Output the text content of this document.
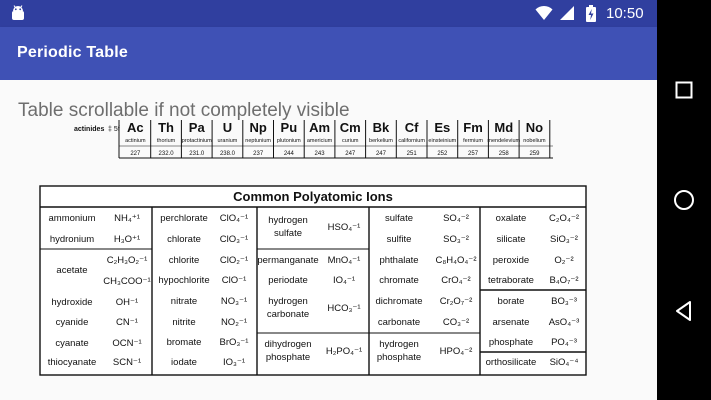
10:50
Periodic Table
actinides ‡ 5f Ac
actinium
227
Th
thorium
232.0
Pa
protactinium
231.0
U
uranium
238.0
Np
neptunium
237
Pu
plutonium
244
Am
americium
243
Cm
curium
247
Bk
berkelium
247
Cf
californium
251
Es
einsteinium
252
Fm
fermium
257
Md
mendelevium
258
No
nobelium
259
Common Polyatomic Ions
ammonium NH₄⁺¹
hydronium H₃O⁺¹
acetate
C₂H₃O₂⁻¹
CH₃COO⁻¹
hydroxide OH⁻¹
cyanide	CN⁻¹
cyanate OCN⁻¹
thiocyanate SCN⁻¹
perchlorate ClO₄⁻¹
chlorate ClO₃⁻¹
chlorite ClO₂⁻¹
hypochlorite ClO⁻¹
nitrate NO₃⁻¹
nitrite	NO₂⁻¹
bromate BrO₃⁻¹
iodate	IO₃⁻¹
hydrogen
sulfate
HSO₄⁻¹
permanganate MnO₄⁻¹
periodate	IO₄⁻¹
hydrogen
carbonate
HCO₃⁻¹
dihydrogen
phosphate
H₂PO₄⁻¹
sulfate	SO₄⁻²
sulfite	SO₃⁻²
phthalate C₈H₄O₄⁻²
chromate CrO₄⁻²
dichromate Cr₂O₇⁻²
carbonate CO₃⁻²
hydrogen
phosphate
HPO₄⁻²
oxalate C₂O₄⁻²
silicate	SiO₃⁻²
peroxide	O₂⁻²
tetraborate B₄O₇⁻²
borate	BO₃⁻³
arsenate AsO₄⁻³
phosphate PO₄⁻³
orthosilicate SiO₄⁻⁴
Table scrollable if not completely visible
